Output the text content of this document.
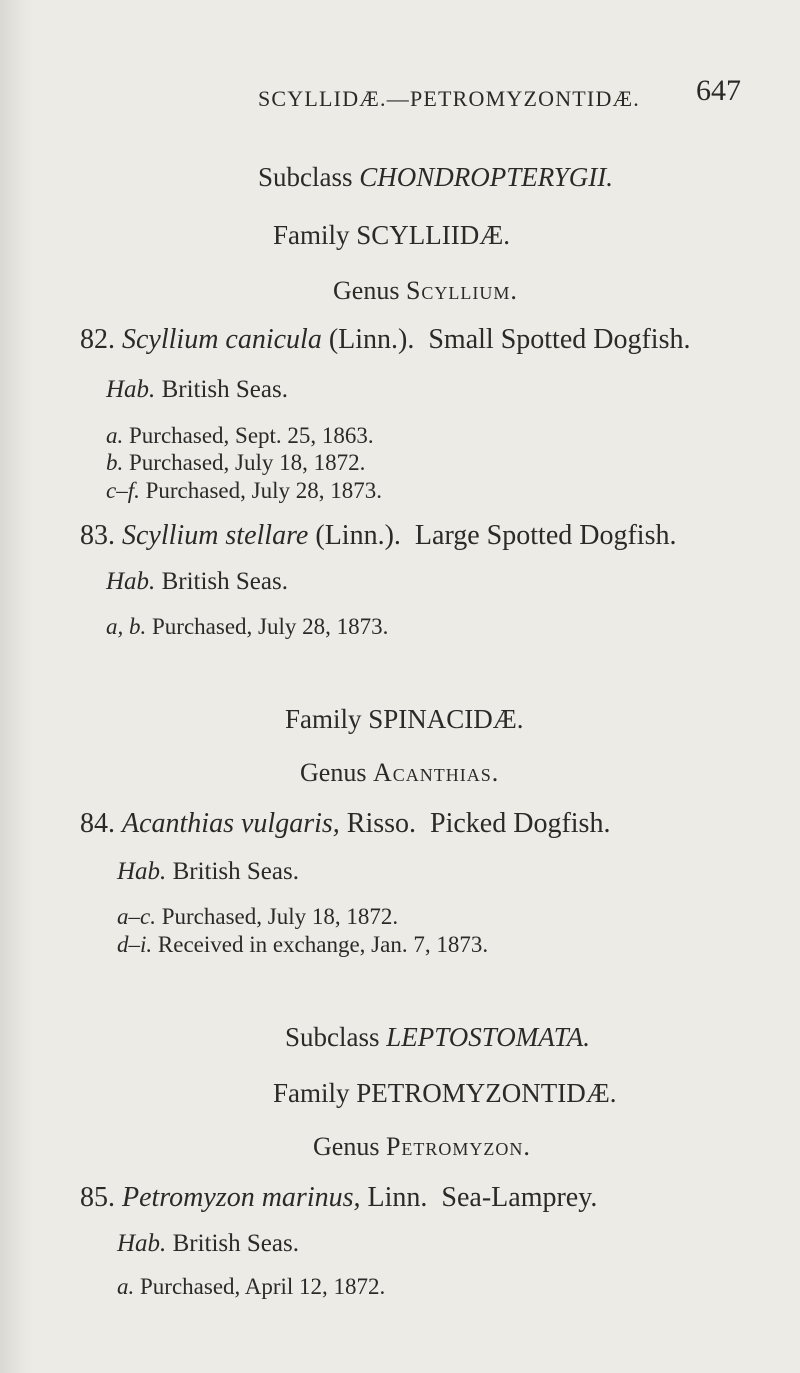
SCYLLIDÆ.—PETROMYZONTIDÆ. 647
Subclass CHONDROPTERYGII.
Family SCYLLIIDÆ.
Genus Scyllium.
82. Scyllium canicula (Linn.). Small Spotted Dogfish.
Hab. British Seas.
a. Purchased, Sept. 25, 1863.
b. Purchased, July 18, 1872.
c–f. Purchased, July 28, 1873.
83. Scyllium stellare (Linn.). Large Spotted Dogfish.
Hab. British Seas.
a, b. Purchased, July 28, 1873.
Family SPINACIDÆ.
Genus Acanthias.
84. Acanthias vulgaris, Risso. Picked Dogfish.
Hab. British Seas.
a–c. Purchased, July 18, 1872.
d–i. Received in exchange, Jan. 7, 1873.
Subclass LEPTOSTOMATA.
Family PETROMYZONTIDÆ.
Genus Petromyzon.
85. Petromyzon marinus, Linn. Sea-Lamprey.
Hab. British Seas.
a. Purchased, April 12, 1872.
